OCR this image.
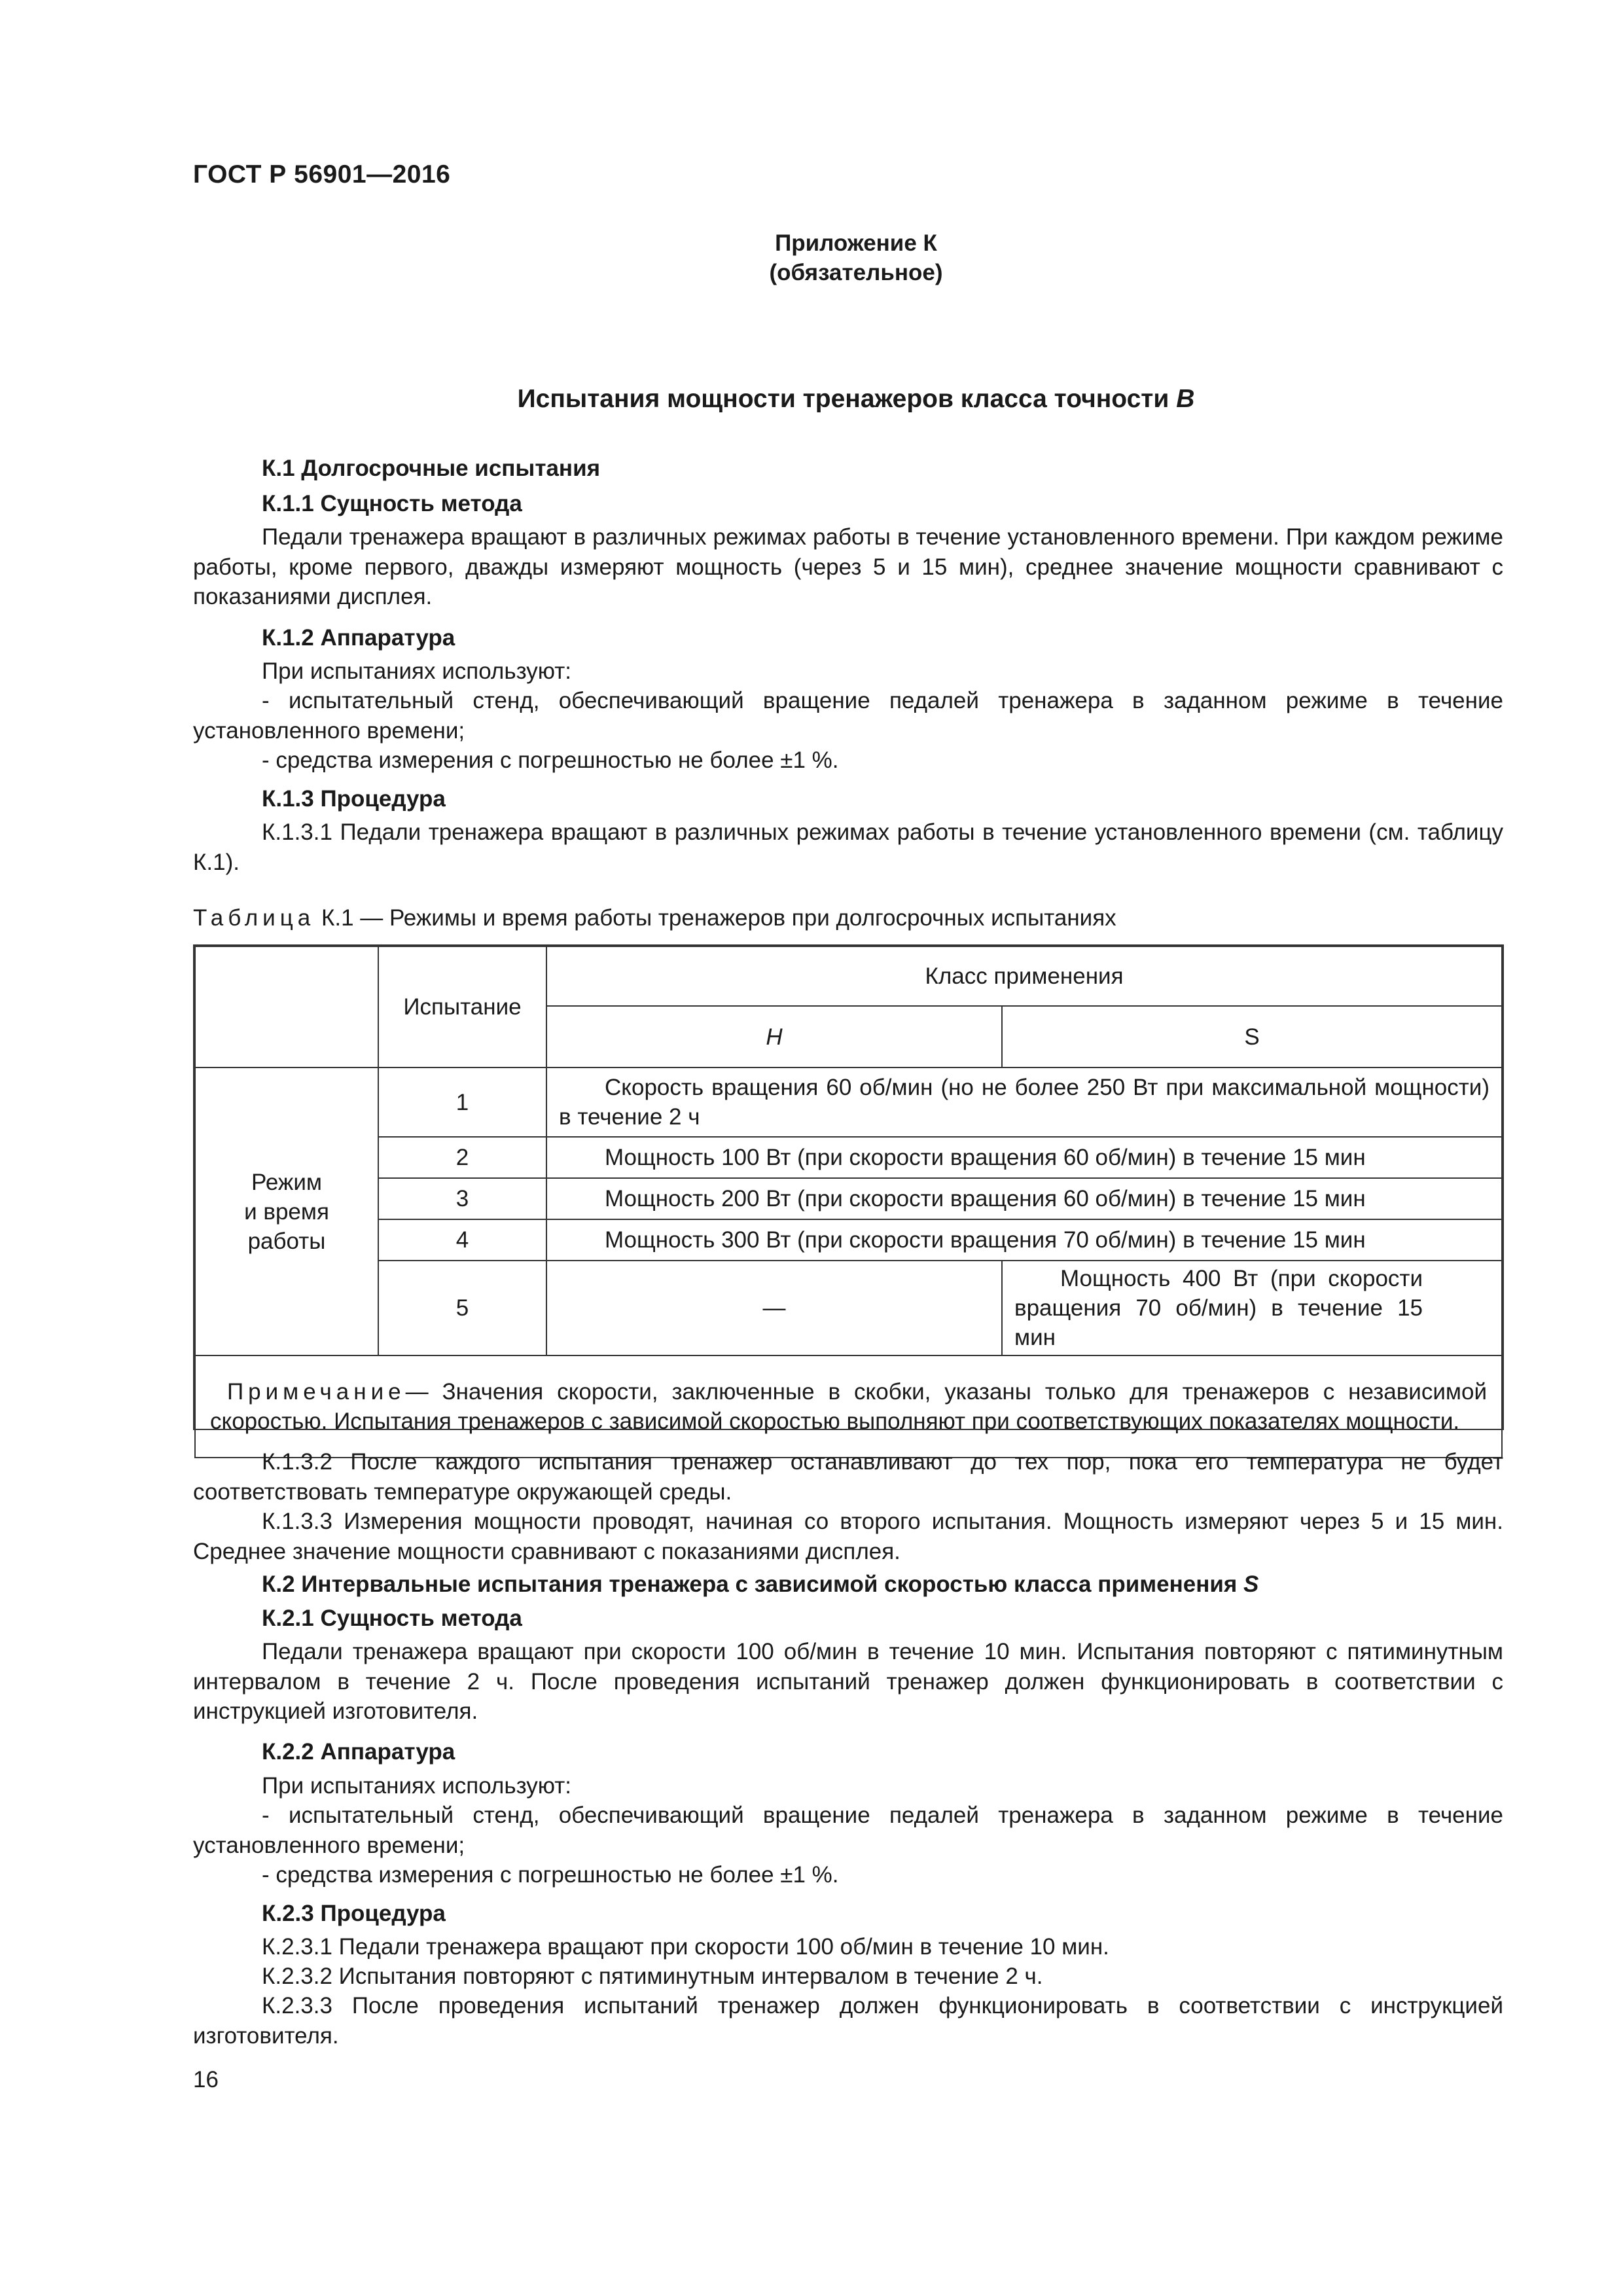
ГОСТ Р 56901—2016
Приложение К
(обязательное)
Испытания мощности тренажеров класса точности B
К.1 Долгосрочные испытания
К.1.1 Сущность метода

Педали тренажера вращают в различных режимах работы в течение установленного времени. При каждом режиме работы, кроме первого, дважды измеряют мощность (через 5 и 15 мин), среднее значение мощности сравнивают с показаниями дисплея.

К.1.2 Аппаратура

При испытаниях используют:

- испытательный стенд, обеспечивающий вращение педалей тренажера в заданном режиме в течение установленного времени;

- средства измерения с погрешностью не более ±1 %.

К.1.3 Процедура

К.1.3.1 Педали тренажера вращают в различных режимах работы в течение установленного времени (см. таблицу К.1).

Таблица К.1 — Режимы и время работы тренажеров при долгосрочных испытаниях
	Испытание	Класс применения	
		H	S
Режим
и время
работы	1	Скорость вращения 60 об/мин (но не более 250 Вт при максимальной мощности) в течение 2 ч	
	2	Мощность 100 Вт (при скорости вращения 60 об/мин) в течение 15 мин	
	3	Мощность 200 Вт (при скорости вращения 60 об/мин) в течение 15 мин	
	4	Мощность 300 Вт (при скорости вращения 70 об/мин) в течение 15 мин	
	5	—	Мощность 400 Вт (при скорости вращения 70 об/мин) в течение 15 мин
Примечание— Значения скорости, заключенные в скобки, указаны только для тренажеров с независимой скоростью. Испытания тренажеров с зависимой скоростью выполняют при соответствующих показателях мощности.			

К.1.3.2 После каждого испытания тренажер останавливают до тех пор, пока его температура не будет соответствовать температуре окружающей среды.

К.1.3.3 Измерения мощности проводят, начиная со второго испытания. Мощность измеряют через 5 и 15 мин. Среднее значение мощности сравнивают с показаниями дисплея.

К.2 Интервальные испытания тренажера с зависимой скоростью класса применения S
К.2.1 Сущность метода

Педали тренажера вращают при скорости 100 об/мин в течение 10 мин. Испытания повторяют с пятиминутным интервалом в течение 2 ч. После проведения испытаний тренажер должен функционировать в соответствии с инструкцией изготовителя.

К.2.2 Аппаратура

При испытаниях используют:

- испытательный стенд, обеспечивающий вращение педалей тренажера в заданном режиме в течение установленного времени;

- средства измерения с погрешностью не более ±1 %.

К.2.3 Процедура

К.2.3.1 Педали тренажера вращают при скорости 100 об/мин в течение 10 мин.

К.2.3.2 Испытания повторяют с пятиминутным интервалом в течение 2 ч.

К.2.3.3 После проведения испытаний тренажер должен функционировать в соответствии с инструкцией изготовителя.

16
